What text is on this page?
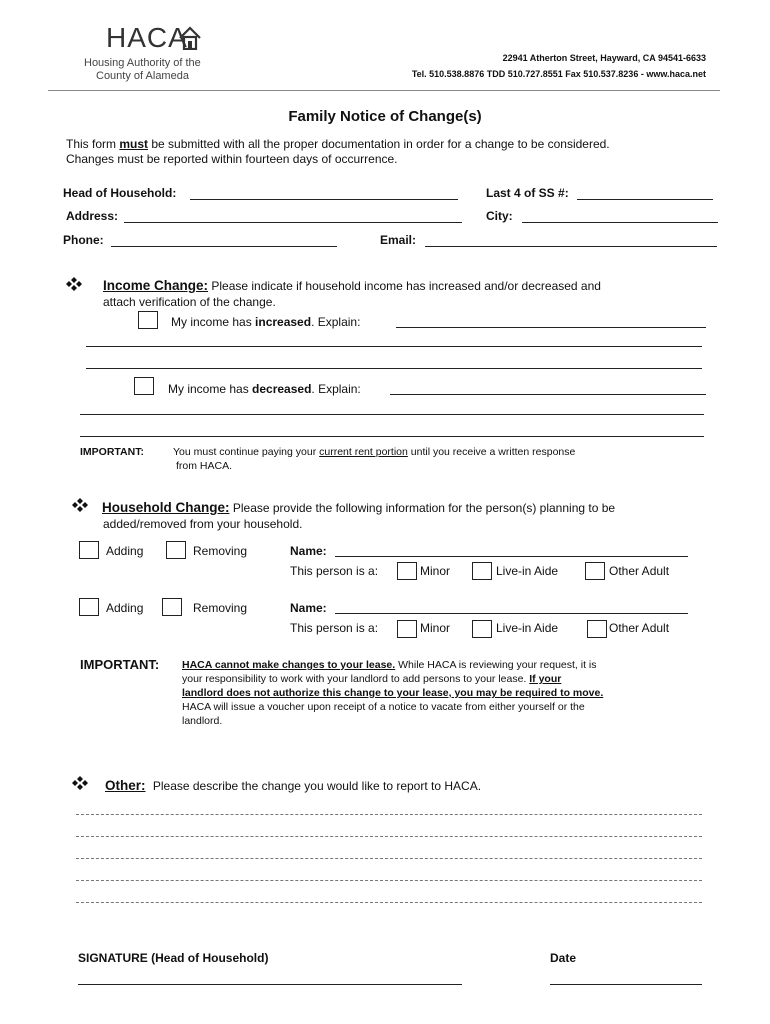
HACA
Housing Authority of the
County of Alameda
22941 Atherton Street, Hayward, CA 94541-6633
Tel. 510.538.8876 TDD 510.727.8551 Fax 510.537.8236 - www.haca.net
Family Notice of Change(s)
This form must be submitted with all the proper documentation in order for a change to be considered.
Changes must be reported within fourteen days of occurrence.
Head of Household:	Last 4 of SS #:
Address:	City:
Phone:	Email:
Income Change: Please indicate if household income has increased and/or decreased and
attach verification of the change.
My income has increased. Explain:
My income has decreased. Explain:
IMPORTANT:	You must continue paying your current rent portion until you receive a written response
from HACA.
Household Change: Please provide the following information for the person(s) planning to be
added/removed from your household.
Adding	Removing	Name:
This person is a:	Minor	Live-in Aide	Other Adult
Adding	Removing	Name:
This person is a:	Minor	Live-in Aide	Other Adult
IMPORTANT: HACA cannot make changes to your lease. While HACA is reviewing your request, it is
your responsibility to work with your landlord to add persons to your lease. If your
landlord does not authorize this change to your lease, you may be required to move.
HACA will issue a voucher upon receipt of a notice to vacate from either yourself or the
landlord.
Other: Please describe the change you would like to report to HACA.
SIGNATURE (Head of Household)	Date
